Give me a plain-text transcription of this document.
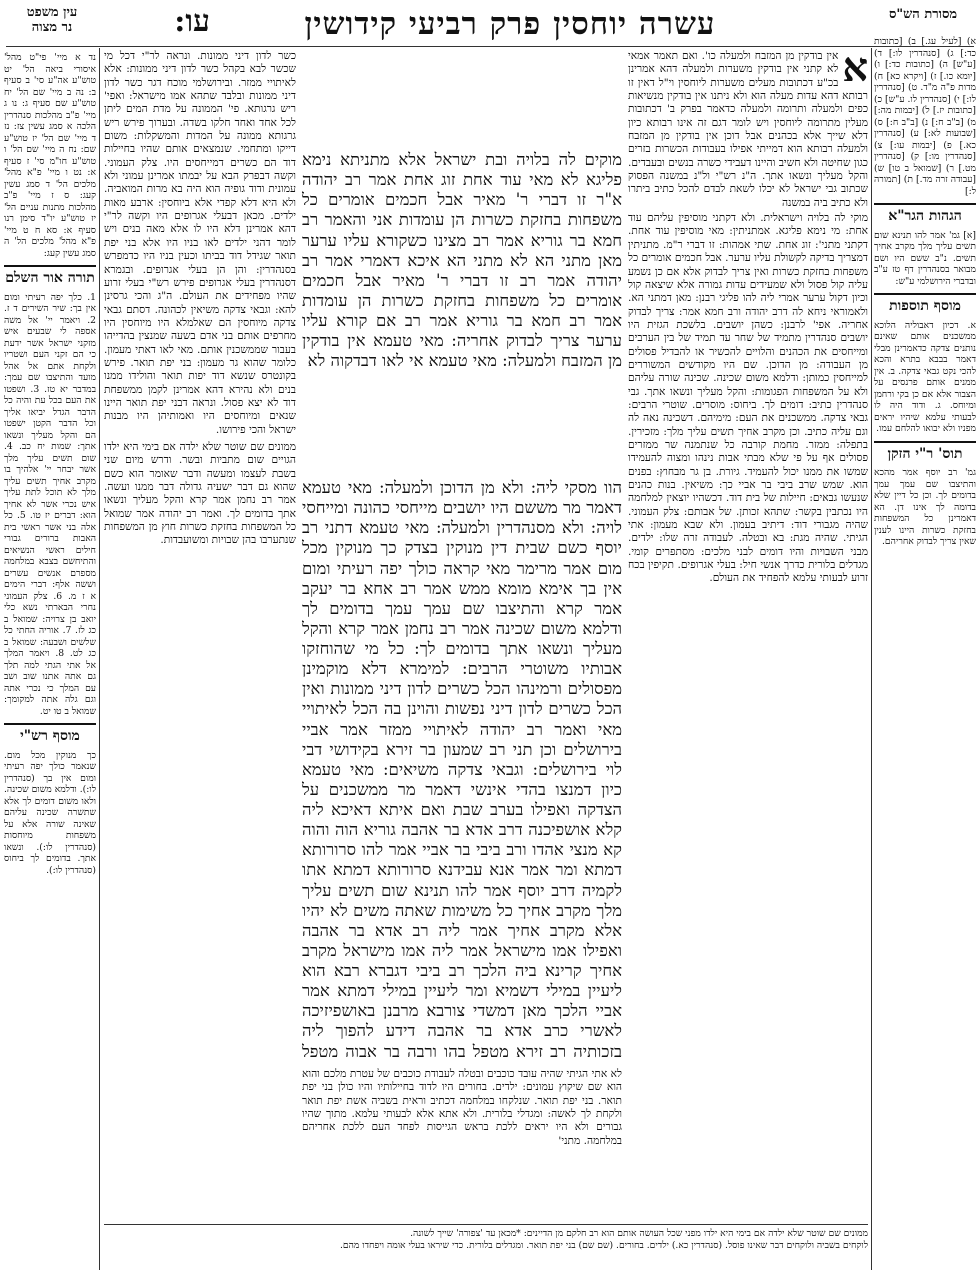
עין משפט
נר מצוה	עו:	עשרה יוחסין פרק רביעי קידושין	מסורת הש"ס

נד א מיי' פי"ט מהל' איסורי ביאה הל' יט טוש"ע אה"ע סי' ב סעיף ב: נה ב מיי' שם הל' יח טוש"ע שם סעיף ג: נו ג מיי' פ"ב מהלכות סנהדרין הלכה א סמג עשין צז: נז ד מיי' שם הל' יז טוש"ע שם: נח ה מיי' שם הל' ו טוש"ע חו"מ סי' ז סעיף א: נט ו מיי' פ"א מהל' מלכים הל' ד סמג עשין קעג: ס ז מיי' פ"ב מהלכות מתנות עניים הל' יז טוש"ע יו"ד סימן רנו סעיף א: סא ח ט מיי' פ"א מהל' מלכים הל' ה סמג עשין קעג:

תורה אור השלם

1. כלך יפה רעיתי ומום אין בך: שיר השירים ד ז. 2. ויאמר יי' אל משה אספה לי שבעים איש מזקני ישראל אשר ידעת כי הם זקני העם ושטריו ולקחת אתם אל אהל מועד והתיצבו שם עמך: במדבר יא טז. 3. ושפטו את העם בכל עת והיה כל הדבר הגדל יביאו אליך וכל הדבר הקטן ישפטו הם והקל מעליך ונשאו אתך: שמות יח כב. 4. שום תשים עליך מלך אשר יבחר יי' אלהיך בו מקרב אחיך תשים עליך מלך לא תוכל לתת עליך איש נכרי אשר לא אחיך הוא: דברים יז טו. 5. כל אלה בני אשר ראשי בית האבות ברורים גבורי חילים ראשי הנשיאים והתיחשם בצבא במלחמה מספרם אנשים עשרים וששה אלף: דברי הימים א ז מ. 6. צלק העמוני נחרי הבארתי נשא כלי יואב בן צרויה: שמואל ב כג לז. 7. אוריה החתי כל שלשים ושבעה: שמואל ב כג לט. 8. ויאמר המלך אל אתי הגתי למה תלך גם אתה אתנו שוב ושב עם המלך כי נכרי אתה וגם גלה אתה למקומך: שמואל ב טו יט.

מוסף רש"י

כך מנוקין מכל מום. שנאמר כולך יפה רעיתי ומום אין בך (סנהדרין לו:). ודלמא משום שכינה. ולאו משום דומים לך אלא שתשרה שכינה עליהם שאינה שורה אלא על משפחות מיוחסות (סנהדרין לו:). ונשאו אתך. בדומים לך ביחוס (סנהדרין לו:).

א) [לעיל עג.] ב) [כתובות כד:] ג) [סנהדרין לו:] ד) [ע"ש] ה) [כתובות כד:] ו) [יומא כו.] ז) [ויקרא כא] ח) מדות פ"ה מ"ד. ט) [סנהדרין לו:] י) [סנהדרין לו. ע"ש] כ) [כתובות יז.] ל) [יבמות מה:] מ) [ב"ב ח:] נ) [ב"ב ח:] ס) [שבועות לא:] ע) [סנהדרין כא.] פ) [יבמות עו:] צ) [סנהדרין מו:] ק) [סנהדרין מט.] ר) [שמואל ב טו] ש) [עבודה זרה מד.] ת) [תמורה ל:]

הגהות הגר"א

[א] גמ' אמר להו תנינא שום תשים עליך מלך מקרב אחיך תשים. נ"ב ששם היו ושם מבואר בסנהדרין דף טז ע"ב ובדברי הירושלמי ע"ש:

מוסף תוספות

א. דכיון דאבוליה הלוכא ממשכנים אותם שאינם נותנים צדקה כדאמרינן מבלי דאמר בבבא בתרא והכא להכי נקט גבאי צדקה. ב. אין ממנים אותם פרנסים על הצבור אלא אם כן בקי ורחמן ומיוחס. ג. ודוד היה לו לבעותי עלמא שיהיו יראים מפניו ולא יבואו להלחם עמו.

תוס' ר"י הזקן

גמ' רב יוסף אמר מהכא והתיצבו שם עמך עמך בדומים לך. וכן כל דיין שלא בדומה לך אינו דן. הא דאמרינן כל המשפחות בחזקת כשרות היינו לענין שאין צריך לבדוק אחריהם.

כשר לדון דיני ממונות. ונראה לר"י דכל מי שכשר לבא בקהל כשר לדון דיני ממונות: אלא לאיתויי ממזר. ובירושלמי מוכח דגר כשר לדון דיני ממונות ובלבד שתהא אמו מישראל: ואפי' ריש גרגותא. פי' הממונה על מדת המים ליתן לכל אחד ואחד חלקו בשדה. ובערוך פירש ריש גרגותא ממונה על המדות והמשקלות: משום דייקו ומתחמי. שנמצאים אותם שהיו בחיילות דוד הם כשרים דמייחסים היו. צלק העמוני. וקשה דבפרק הבא על יבמתו אמרינן עמוני ולא עמונית ודוד גופיה הוא היה בא מרות המואביה. ולא היא דלא קפדי אלא ביוחסין: ארבע מאות ילדים. מכאן דבעלי אגרופים היו וקשה לר"י דהא אמרינן דלא היו לו אלא מאה בנים ויש לומר דהני ילדים לאו בניו היו אלא בני יפת תואר שגידל דוד בביתו וכעין בניו היו כדמפרש בסנהדרין: והן הן בעלי אגרופים. ובגמרא דסנהדרין בעלי אגרופים פירש רש"י בעלי זרוע שהיו מפחידים את העולם. ה"ג והכי גרסינן להא: וגבאי צדקה משיאין לכהונה. דסתם גבאי צדקה מיוחסין הם שאלמלא היו מיוחסין היו מחרפים אותם בני אדם בשעה שמנצין בהדייהו בעבור שממשכנין אותם. מאי לאו דאתי מעמון. כלומר שהוא גר מעמון: בני יפת תואר. פירש בקונטרס שנשא דוד יפות תואר והולידו ממנו בנים ולא נהירא דהא אמרינן לקמן ממשפחת דוד לא יצא פסול. ונראה דבני יפת תואר היינו שנאים ומיוחסים היו ואמותיהן היו מבנות ישראל והכי פירושו.

ממונים שם שוטר שלא ילדה אם בימי היא ילדו הגויים שום מתביות ובשר. ודרש מיום שני בשבת לעצמו ומעשה ודבר שאומר הוא כשם שהוא גם דבר ישעיה גדולה דבר ממנו ועשה. אמר רב נחמן אמר קרא והקל מעליך ונשאו אתך בדומים לך. ואמר רב יהודה אמר שמואל כל המשפחות בחזקת כשרות חוץ מן המשפחות שנתערבו בהן שבויות ומשועבדות.

א

אין בודקין מן המזבח ולמעלה כו'. ואם תאמר אמאי לא קתני אין בודקין משערות ולמעלה דהא אמרינן בכ"ע דכתובות מעלים משערות ליוחסין וי"ל דאין זו רבותא דהא עדות מעלה הוא ולא ניתנו אין בודקין מנשיאות כפים ולמעלה ותרומה ולמעלה כדאמר בפרק ב' דכתובות מעלין מתרומה ליוחסין ויש לומר דגם זה אינו רבותא כיון דלא שייך אלא בכהנים אבל דוכן אין בודקין מן המזבח ולמעלה רבותא הוא דמייתי אפילו בעבודות הכשרות בזרים כגון שחיטה ולא חשיב והיינו דעבידי כשרה בנשים ובעבדים. והקל מעליך ונשאו אתך. ה"נ רש"י ול"נ במשנה הפסוק שכתוב גבי ישראל לא יכלו לשאת לבדם להכל כתיב ביתרו ולא כתיב ביה במשנה

מוקי לה בלויה וישראלית. ולא דקתני מוסיפין עליהם עוד אחת: מי נימא פליגא. אמתניתין: מאי מוסיפין עוד אחת. דקתני מתני': זוג אחת. שתי אמהות: זו דברי ר"מ. מתניתין דמצריך בדיקה לקשולת עליו ערער. אבל חכמים אומרים כל משפחות בחזקת כשרות ואין צריך לבדוק אלא אם כן נשמע עליה קול פסול ולא שמעידים עדות גמורה אלא שיצאה קול וכיון דקול ערער אמרי ליה להו פליגי רבנן: מאן דמתני הא. ולאמוראי ניחא לה דרב יהודה ורב חמא אמר: צריך לבדוק אחריה. אפי' לרבנן: כשהן יושבים. בלשכת הגזית היו יושבים סנהדרין מתמיד של שחר עד תמיד של בין הערבים ומייחסים את הכהנים והלויים להכשיר או להבדיל פסולים מן העבודה: מן הדוכן. שם היו מקודשים המשוררים למייחסין כמותן: ודלמא משום שכינה. שכינה שורה עליהם ולא על המשפחות הפגומות: והקל מעליך ונשאו אתך. גבי סנהדרין כתיב: דומים לך. ביחוס: מוסרים. שוטרי הרבים: גבאי צדקה. ממשכנים את העם: מימיהם. דשכינה נאה לה וגם עליה כתיב. וכן מקרב אחיך תשים עליך מלך: מזכירין. בתפלה: ממזר. מחמת קורבה כל שנתמנה שר ממזרים פסולים אף על פי שלא מבתי אבות נינהו ומצוה להעמידו שמשו את ממנו יכול להעמיד. גיורת. בן גר מבחוץ: בפנים הוא. שמש שרב ביבי בר אביי כך: משיאין. בנות כהנים שנעשו גבאים: חיילות של בית דוד. דכשהיו יוצאין למלחמה היו נכתבין בקשר: שתהא זכותן. של אבותם: צלק העמוני. שהיה מגבורי דוד: דיתיב בעמון. ולא שבא מעמון: אתי הגיתי. שהיה מגת: בא ובטלה. לעבודה זרה שלו: ילדים. מבני השבויות והיו דומים לבני מלכים: מסתפרים קומי. מגדלים בלורית כדרך אנשי חיל: בעלי אגרופים. תקיפין בכח זרוע לבעותי עלמא להפחיד את העולם.

מוקים לה בלויה ובת ישראל אלא מתניתא נימא פליגא לא מאי עוד אחת זוג אחת אמר רב יהודה א"ר זו דברי ר' מאיר אבל חכמים אומרים כל משפחות בחזקת כשרות הן עומדות אני והאמר רב חמא בר גוריא אמר רב מצינו כשקורא עליו ערער מאן מתני הא לא מתני הא איכא דאמרי אמר רב יהודה אמר רב זו דברי ר' מאיר אבל חכמים אומרים כל משפחות בחזקת כשרות הן עומדות אמר רב חמא בר גוריא אמר רב אם קורא עליו ערער צריך לבדוק אחריה: מאי טעמא אין בודקין מן המזבח ולמעלה: מאי טעמא אי לאו דבדקוה לא

הוו מסקי ליה: ולא מן הדוכן ולמעלה: מאי טעמא דאמר מר מששם היו יושבים מייחסי כהונה ומייחסי לויה: ולא מסנהדרין ולמעלה: מאי טעמא דתני רב יוסף כשם שבית דין מנוקין בצדק כך מנוקין מכל מום אמר מרימר מאי קראה כולך יפה רעיתי ומום אין בך אימא מומא ממש אמר רב אחא בר יעקב אמר קרא והתיצבו שם עמך עמך בדומים לך ודלמא משום שכינה אמר רב נחמן אמר קרא והקל מעליך ונשאו אתך בדומים לך: כל מי שהוחזקו אבותיו משוטרי הרבים: למימרא דלא מוקמינן מפסולים ורמינהו הכל כשרים לדון דיני ממונות ואין הכל כשרים לדון דיני נפשות והוינן בה הכל לאיתויי מאי ואמר רב יהודה לאיתויי ממזר אמר אביי בירושלים וכן תני רב שמעון בר זירא בקידושי דבי לוי בירושלים: וגבאי צדקה משיאים: מאי טעמא כיון דמנצו בהדי אינשי דאמר מר ממשכנים על הצדקה ואפילו בערב שבת ואם איתא דאיכא ליה קלא אושפיכנה דרב אדא בר אהבה גוריא הוה והוה קא מנצי אהדו ורב ביבי בר אביי אמר להו סרורותא דמתא ומר אמר אנא עבידנא סרורותא דמתא אתו לקמיה דרב יוסף אמר להו תנינא שום תשים עליך מלך מקרב אחיך כל משימות שאתה משים לא יהיו אלא מקרב אחיך אמר ליה רב אדא בר אהבה ואפילו אמו מישראל אמר ליה אמו מישראל מקרב אחיך קרינא ביה הלכך רב ביבי דגברא רבא הוא ליעיין במילי דשמיא ומר ליעיין במילי דמתא אמר אביי הלכך מאן דמשדי צורבא מרבנן באושפיזיכה לאשרי כרב אדא בר אהבה דידע להפוך ליה בזכותיה רב זירא מטפל בהו ורבה בר אבוה מטפל

לא אתי הגיתי שהיה עובד כוכבים ובטלה לעבודת כוכבים של עטרת מלכם והוא הוא שם שיקוץ עמונים: ילדים. בחורים היו לדוד בחיילותיו והיו כולן בני יפת תואר. בני יפת תואר. שנלקחו במלחמה דכתיב וראית בשביה אשת יפת תואר ולקחת לך לאשה: ומגדלי בלורית. ולא אתא אלא לבעותי עלמא. מתוך שהיו גבורים ולא היו יראים ללכת בראש הגייסות לפחד העם ללכת אחריהם במלחמה. מתני'

ממונים שם שוטר שלא ילדה אם בימי היא ילדו מפני שכל העושה אותם הוא רב חלקם מן הדיינים: *מכאן עד 'צפורה' שייך לשונה.

לוקחים בשביה ולוקחים דבר שאינו פוסל. (סנהדרין כא.) ילדים. בחורים. (שם שם) בני יפת תואר. ומגדלים בלורית. כדי שיראו בעלי אומה ויפחדו מהם.
